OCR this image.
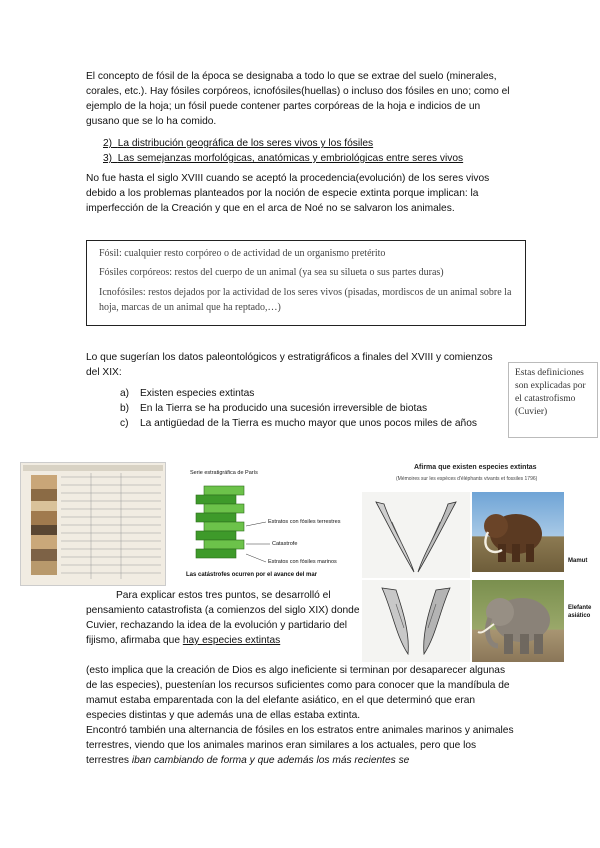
El concepto de fósil de la época se designaba a todo lo que se extrae del suelo (minerales, corales, etc.). Hay fósiles corpóreos, icnofósiles(huellas) o incluso dos fósiles en uno; como el ejemplo de la hoja; un fósil puede contener partes corpóreas de la hoja e indicios de un gusano que se lo ha comido.
2) La distribución geográfica de los seres vivos y los fósiles
3) Las semejanzas morfológicas, anatómicas y embriológicas entre seres vivos
No fue hasta el siglo XVIII cuando se aceptó la procedencia(evolución) de los seres vivos debido a los problemas planteados por la noción de especie extinta porque implican: la imperfección de la Creación y que en el arca de Noé no se salvaron los animales.

Fósil: cualquier resto corpóreo o de actividad de un organismo pretérito

Fósiles corpóreos: restos del cuerpo de un animal (ya sea su silueta o sus partes duras)

Icnofósiles: restos dejados por la actividad de los seres vivos (pisadas, mordiscos de un animal sobre la hoja, marcas de un animal que ha reptado,…)

Lo que sugerían los datos paleontológicos y estratigráficos a finales del XVIII y comienzos del XIX:
a) Existen especies extintas
b) En la Tierra se ha producido una sucesión irreversible de biotas
c) La antigüedad de la Tierra es mucho mayor que unos pocos miles de años
Estas definiciones son explicadas por el catastrofismo (Cuvier)
Serie estratigráfica de París
Estratos con fósiles terrestres
Catastrofe
Estratos con fósiles marinos
Las catástrofes ocurren por el avance del mar
Afirma que existen especies extintas
(Mémoires sur les espèces d'éléphants vivants et fossiles 1796)
Mamut
Elefante asiático
Para explicar estos tres puntos, se desarrolló el pensamiento catastrofista (a comienzos del siglo XIX) donde Cuvier, rechazando la idea de la evolución y partidario del fijismo, afirmaba que hay especies extintas
(esto implica que la creación de Dios es algo ineficiente si terminan por desaparecer algunas de las especies), puestenían los recursos suficientes como para conocer que la mandíbula de mamut estaba emparentada con la del elefante asiático, en el que determinó que eran especies distintas y que además una de ellas estaba extinta.
Encontró también una alternancia de fósiles en los estratos entre animales marinos y animales terrestres, viendo que los animales marinos eran similares a los actuales, pero que los terrestres iban cambiando de forma y que además los más recientes se
